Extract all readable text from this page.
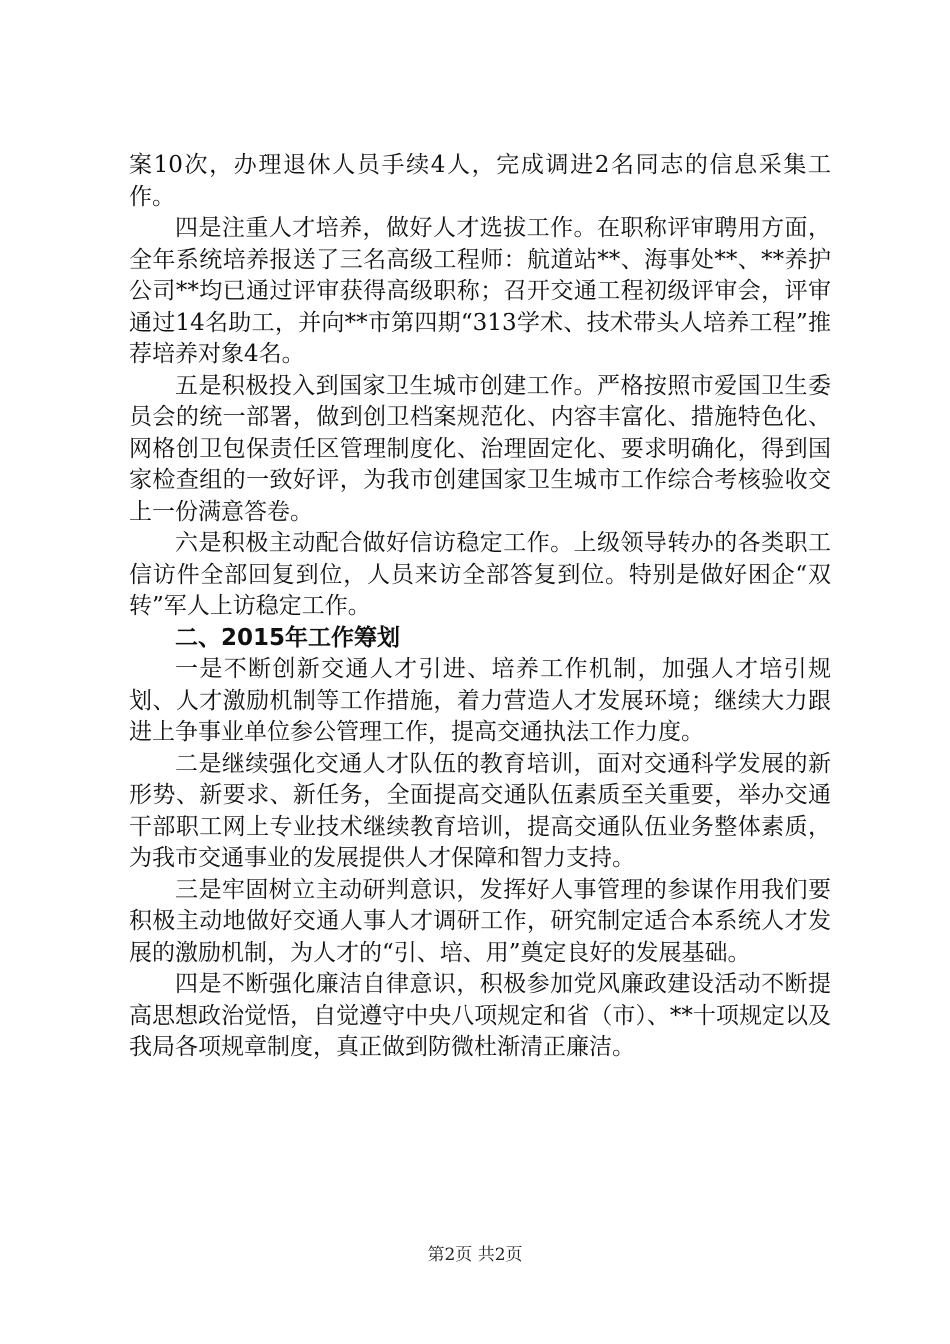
案10次，办理退休人员手续4人，完成调进2名同志的信息采集工作。

四是注重人才培养，做好人才选拔工作。在职称评审聘用方面，全年系统培养报送了三名高级工程师：航道站**、海事处**、**养护公司**均已通过评审获得高级职称；召开交通工程初级评审会，评审通过14名助工，并向**市第四期“313学术、技术带头人培养工程”推荐培养对象4名。

五是积极投入到国家卫生城市创建工作。严格按照市爱国卫生委员会的统一部署，做到创卫档案规范化、内容丰富化、措施特色化、网格创卫包保责任区管理制度化、治理固定化、要求明确化，得到国家检查组的一致好评，为我市创建国家卫生城市工作综合考核验收交上一份满意答卷。

六是积极主动配合做好信访稳定工作。上级领导转办的各类职工信访件全部回复到位，人员来访全部答复到位。特别是做好困企“双转”军人上访稳定工作。

二、2015年工作筹划

一是不断创新交通人才引进、培养工作机制，加强人才培引规划、人才激励机制等工作措施，着力营造人才发展环境；继续大力跟进上争事业单位参公管理工作，提高交通执法工作力度。

二是继续强化交通人才队伍的教育培训，面对交通科学发展的新形势、新要求、新任务，全面提高交通队伍素质至关重要，举办交通干部职工网上专业技术继续教育培训，提高交通队伍业务整体素质，为我市交通事业的发展提供人才保障和智力支持。

三是牢固树立主动研判意识，发挥好人事管理的参谋作用我们要积极主动地做好交通人事人才调研工作，研究制定适合本系统人才发展的激励机制，为人才的“引、培、用”奠定良好的发展基础。

四是不断强化廉洁自律意识，积极参加党风廉政建设活动不断提高思想政治觉悟，自觉遵守中央八项规定和省（市）、**十项规定以及我局各项规章制度，真正做到防微杜渐清正廉洁。

第2页 共2页
